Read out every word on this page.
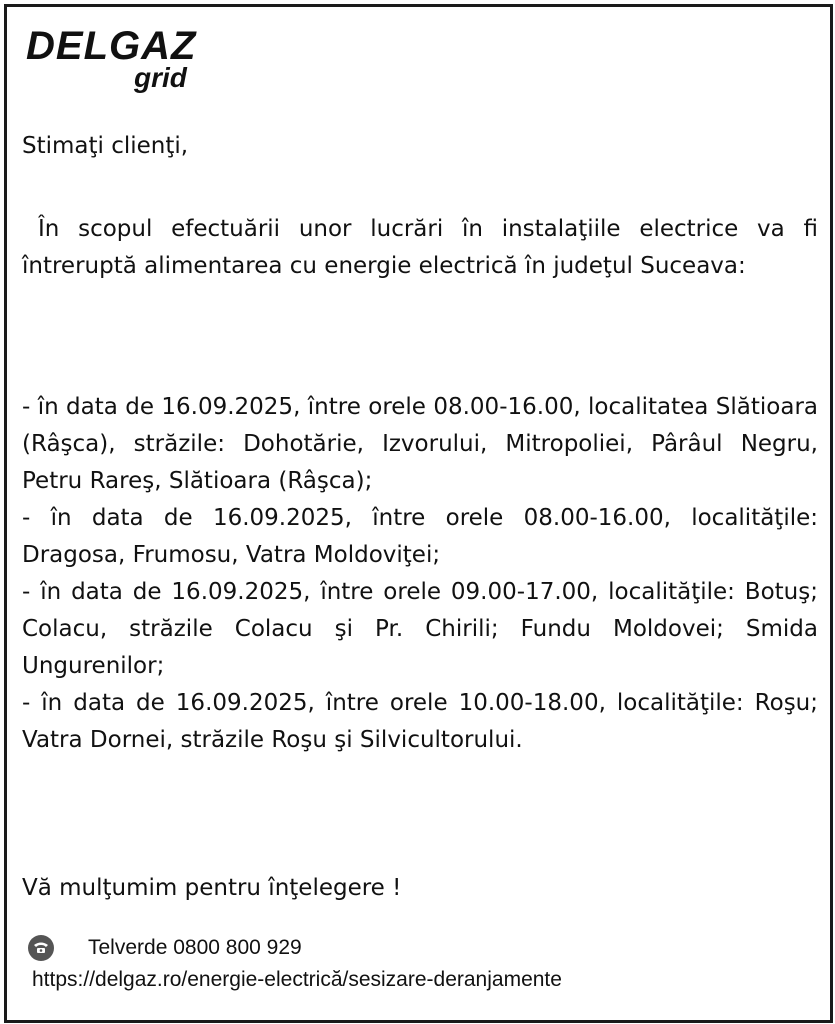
DELGAZ
grid

Stimaţi clienţi,

În scopul efectuării unor lucrări în instalaţiile electrice va fi întreruptă alimentarea cu energie electrică în judeţul Suceava:

- în data de 16.09.2025, între orele 08.00-16.00, localitatea Slătioara (Râşca), străzile: Dohotărie, Izvorului, Mitropoliei, Pârâul Negru, Petru Rareş, Slătioara (Râşca);

- în data de 16.09.2025, între orele 08.00-16.00, localităţile: Dragosa, Frumosu, Vatra Moldoviţei;

- în data de 16.09.2025, între orele 09.00-17.00, localităţile: Botuş; Colacu, străzile Colacu şi Pr. Chirili; Fundu Moldovei; Smida Ungurenilor;

- în data de 16.09.2025, între orele 10.00-18.00, localităţile: Roşu; Vatra Dornei, străzile Roşu şi Silvicultorului.

Vă mulţumim pentru înţelegere !

Telverde 0800 800 929
https://delgaz.ro/energie-electrică/sesizare-deranjamente
